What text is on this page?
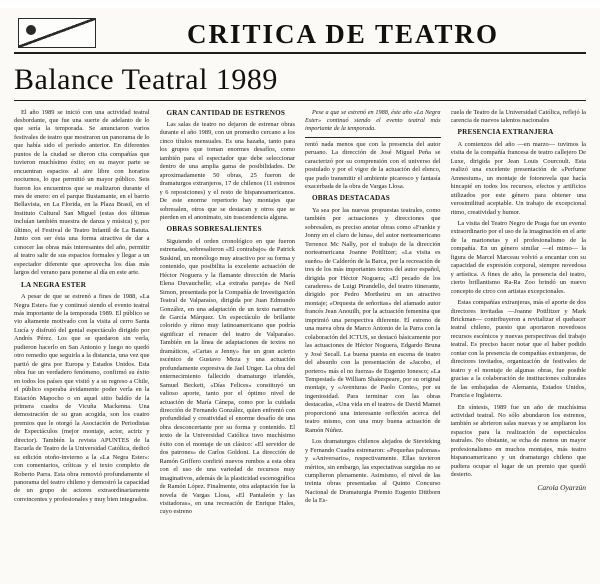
CRITICA DE TEATRO
Balance Teatral 1989

El año 1989 se inició con una actividad teatral desbordante, que fue una suerte de adelanto de lo que sería la temporada. Se anunciaron varios festivales de teatro que mostraron un panorama de lo que había sido el período anterior. En diferentes puntos de la ciudad se dieron cita compañías que tuvieron muchísimo éxito; en su mayor parte se encuentran espacios al aire libre con horarios nocturnos, lo que permitió un mayor público. Seis fueron los encuentros que se realizaron durante el mes de enero: en el parque Bustamante, en el barrio Bellavista, en La Florida, en la Plaza Brasil, en el Instituto Cultural San Miguel (estas dos últimas incluían también muestra de danza y música) y, por último, el Festival de Teatro Infantil de La Batuta. Junto con ser ésta una forma atractiva de dar a conocer las obras más interesantes del año, permitir al teatro salir de sus espacios formales y llegar a un espectador diferente que aprovecha los días más largos del verano para ponerse al día en este arte.

LA NEGRA ESTER

A pesar de que se estrenó a fines de 1988, «La Negra Ester» fue y continuó siendo el evento teatral más importante de la temporada 1989. El público se vio altamente motivado con la visita al cerro Santa Lucía y disfrutó del genial espectáculo dirigido por Andrés Pérez. Los que se quedaron sin verla, pudieron hacerlo en San Antonio y luego no quedó otro remedio que seguirla a la distancia, una vez que partió de gira por Europa y Estados Unidos. Esta obra fue un verdadero fenómeno, confirmó su éxito en todos los países que visitó y a su regreso a Chile, el público esperaba ávidamente poder verla en la Estación Mapocho o en aquel sitio baldío de la primera cuadra de Vicuña Mackenna. Una demostración de su gran acogida, son los cuatro premios que le otorgó la Asociación de Periodistas de Espectáculos (mejor montaje, actor, actriz y director). También la revista APUNTES de la Escuela de Teatro de la Universidad Católica, dedicó su edición otoño-invierno a la «La Negra Ester»: con comentarios, críticas y el texto completo de Roberto Parra. Esta obra removió profundamente el panorama del teatro chileno y demostró la capacidad de un grupo de actores extraordinariamente convincentes y profesionales y muy bien integrados.

GRAN CANTIDAD DE ESTRENOS

Las salas de teatro no dejaron de estrenar obras durante el año 1989, con un promedio cercano a los cinco títulos mensuales. Es una hazaña, tanto para los grupos que toman enormes desafíos, como también para el espectador que debe seleccionar dentro de una amplia gama de posibilidades. De aproximadamente 50 obras, 25 fueron de dramaturgos extranjeros, 17 de chilenos (11 estrenos y 6 reposiciones) y el resto de hispanoamericanos. De este enorme repertorio hay montajes que sobresalen, otros que se destacan y otros que se pierden en el anonimato, sin trascendencia alguna.

OBRAS SOBRESALIENTES

Siguiendo el orden cronológico en que fueron estrenadas, sobresalieron «El contrabajo» de Patrick Suskind, un monólogo muy atractivo por su forma y contenido, que posibilita la excelente actuación de Héctor Noguera y la flamante dirección de María Elena Duvauchelle; «La extraña pareja» de Neil Simon, presentada por la Compañía de Investigación Teatral de Valparaíso, dirigida por Juan Edmundo González, en una adaptación de un texto narrativo de García Márquez. Un espectáculo de brillante colorido y rítmo muy latinoamericano que podría significar el renacer del teatro de Valparaíso. También en la línea de adaptaciones de textos no dramáticos, «Cartas a Jenny» fue un gran acierto escénico de Gustavo Meza y una actuación profundamente expresiva de Jael Unger. La obra del enternecimiento fallecido dramaturgo irlandés, Samuel Beckett, «Días Felices» constituyó un valioso aporte, tanto por el óptimo nivel de actuación de María Cánepa, como por la cuidada dirección de Fernando González, quien enfrentó con profundidad y creatividad el enorme desafío de una obra desconcertante por su forma y contenido. El texto de la Universidad Católica tuvo muchísimo éxito con el montaje de un clásico: «El servidor de dos patrones» de Carlos Goldoni. La dirección de Ramón Griffero confirió nuevos rumbos a esta obra con el uso de una variedad de recursos muy imaginativos, además de la plasticidad escenográfica de Ramón López. Finalmente, otra adaptación fue la novela de Vargas Llosa, «El Pantaleón y las visitadoras», en una recreación de Enrique Hales, cuyo estreno

Pese a que se estrenó en 1988, éste año «La Negra Ester» continuó siendo el evento teatral más importante de la temporada.

rentó nada menos que con la presencia del autor peruano. La dirección de José Miguel Peña se caracterizó por su comprensión con el universo del postulado y por el vigor de la actuación del elenco, que pudo transmitir el ambiente picaresco y fantasía exacerbada de la obra de Vargas Llosa.

OBRAS DESTACADAS

Ya sea por las nuevas propuestas teatrales, como también por actuaciones y direcciones que sobresalen, es preciso anotar obras como «Frankie y Jonny en el claro de luna», del autor norteamericano Terrence Mc Nally, por el trabajo de la dirección norteamericana Joanne Pottlitzer; «La visita es sueño» de Calderón de la Barca, por la recreación de tres de los más importantes textos del autor español, dirigida por Héctor Noguera; «El pecado de los caraderes» de Luigi Pirandello, del teatro itinerante, dirigido por Pedro Mortheiru en un atractivo montaje; «Orquesta de señoritas» del afamado autor francés Jean Anouilh, por la actuación femenina que imprimió una perspectiva diferente. El estreno de una nueva obra de Marco Antonio de la Parra con la colaboración del ICTUS, se destacó básicamente por las actuaciones de Héctor Noguera, Edgardo Bruna y José Secall. La buena puesta en escena de teatro del absurdo con la presentación de «Jacobo, el portero» más el no fuerza» de Eugenio Ionesco; «La Tempestad» de William Shakespeare, por su original montaje, y «Aventuras de Paolo Conte», por su ingeniosidad. Para terminar con las obras destacadas, «Una vida en el teatro» de David Mamet proporcionó una interesante reflexión acerca del teatro mismo, con una muy buena actuación de Ramón Núñez.

Los dramaturgos chilenos alejados de Stevieking y Fernando Cuadra estrenaron: «Pequeñas palomas» y «Aniversario», respectivamente. Ellas tuvieron méritos, sin embargo, las expectativas surgidas no se cumplieron plenamente. Asimismo, el nivel de las treinta obras presentadas al Quinto Concurso Nacional de Dramaturgia Premio Eugenio Dittborn de la Es-

cuela de Teatro de la Universidad Católica, reflejó la carencia de nuevos talentos nacionales

PRESENCIA EXTRANJERA

A comienzos del año —en marzo— tuvimos la visita de la compañía francesa de teatro callejero De Luxe, dirigida por Jean Louis Courcoult. Esta realizó una excelente presentación de «Perfume Amnesium», un montaje de fotonovela que hacía hincapié en todos los recursos, efectos y artificios utilizados por este género para obtener una verosimilitud aceptable. Un trabajo de excepcional ritmo, creatividad y humor.

La visita del Teatro Negro de Praga fue un evento extraordinario por el uso de la imaginación en el arte de la marionetas y el profesionalismo de la compañía. En un género similar —el mimo— la figura de Marcel Marceau volvió a encantar con su capacidad de expresión corporal, siempre novedosa y artística. A fines de año, la presencia del teatro, cierto brillantismo Ra-Ra Zoo brindó un nuevo concepto de circo con artistas excepcionales.

Estas compañías extranjeras, más el aporte de dos directores invitadas —Joanne Pottlitzer y Mark Brickman— contribuyeron a revitalizar el quehacer teatral chileno, puesto que aportaron novedosos recursos escénicos y nuevas perspectivas del trabajo teatral. Es preciso hacer notar que el haber podido contar con la presencia de compañías extranjeras, de directores invitados, organización de festivales de teatro y el montaje de algunas obras, fue posible gracias a la colaboración de instituciones culturales de las embajadas de Alemania, Estados Unidos, Francia e Inglaterra.

En síntesis, 1989 fue un año de muchísima actividad teatral. No sólo abundaron los estrenos, también se abrieron salas nuevas y se ampliaron los espacios para la realización de espectáculos teatrales. No obstante, se echa de menos un mayor profesionalismo en muchos montajes, más teatro hispanoamericano y un dramaturgo chileno que pudiera ocupar el lugar de un premio que quedó desierto.

Carola Oyarzún
